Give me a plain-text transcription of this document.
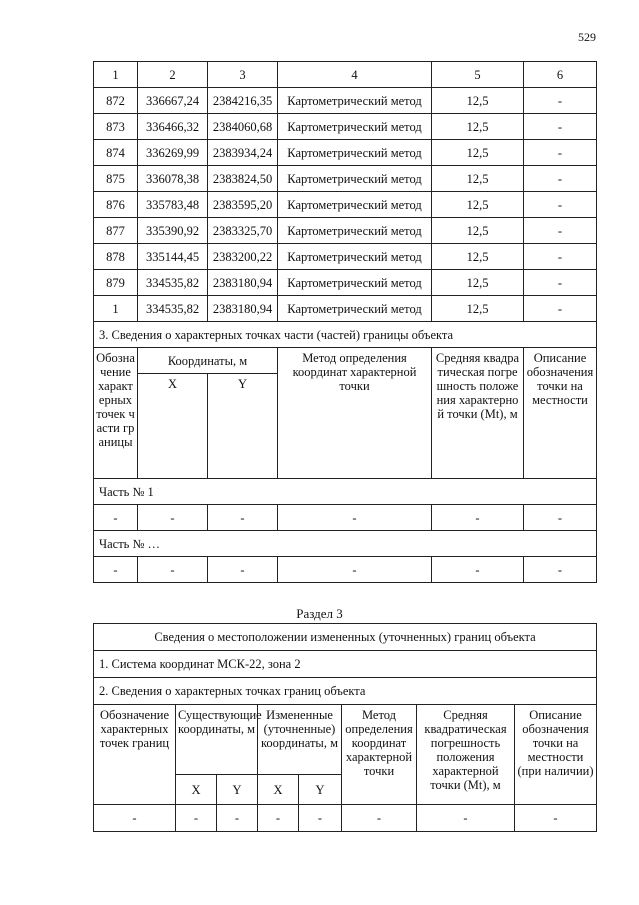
529
1	2	3	4	5	6
872	336667,24	2384216,35	Картометрический метод	12,5	-
873	336466,32	2384060,68	Картометрический метод	12,5	-
874	336269,99	2383934,24	Картометрический метод	12,5	-
875	336078,38	2383824,50	Картометрический метод	12,5	-
876	335783,48	2383595,20	Картометрический метод	12,5	-
877	335390,92	2383325,70	Картометрический метод	12,5	-
878	335144,45	2383200,22	Картометрический метод	12,5	-
879	334535,82	2383180,94	Картометрический метод	12,5	-
1	334535,82	2383180,94	Картометрический метод	12,5	-
3. Сведения о характерных точках части (частей) границы объекта					
Обозначение характерных точек части границы	Координаты, м		Метод определения координат характерной точки	Средняя квадратическая погрешность положения характерной точки (Mt), м	Описание обозначения точки на местности
	X	Y			
Часть № 1					
-	-	-	-	-	-
Часть № …					
-	-	-	-	-	-
Раздел 3
Сведения о местоположении измененных (уточненных) границ объекта							
1. Система координат МСК-22, зона 2							
2. Сведения о характерных точках границ объекта							
Обозначение характерных точек границ	Существующие координаты, м		Измененные (уточненные) координаты, м		Метод определения координат характерной точки	Средняя квадратическая погрешность положения характерной точки (Mt), м	Описание обозначения точки на местности (при наличии)
	X	Y	X	Y			
-	-	-	-	-	-	-	-
